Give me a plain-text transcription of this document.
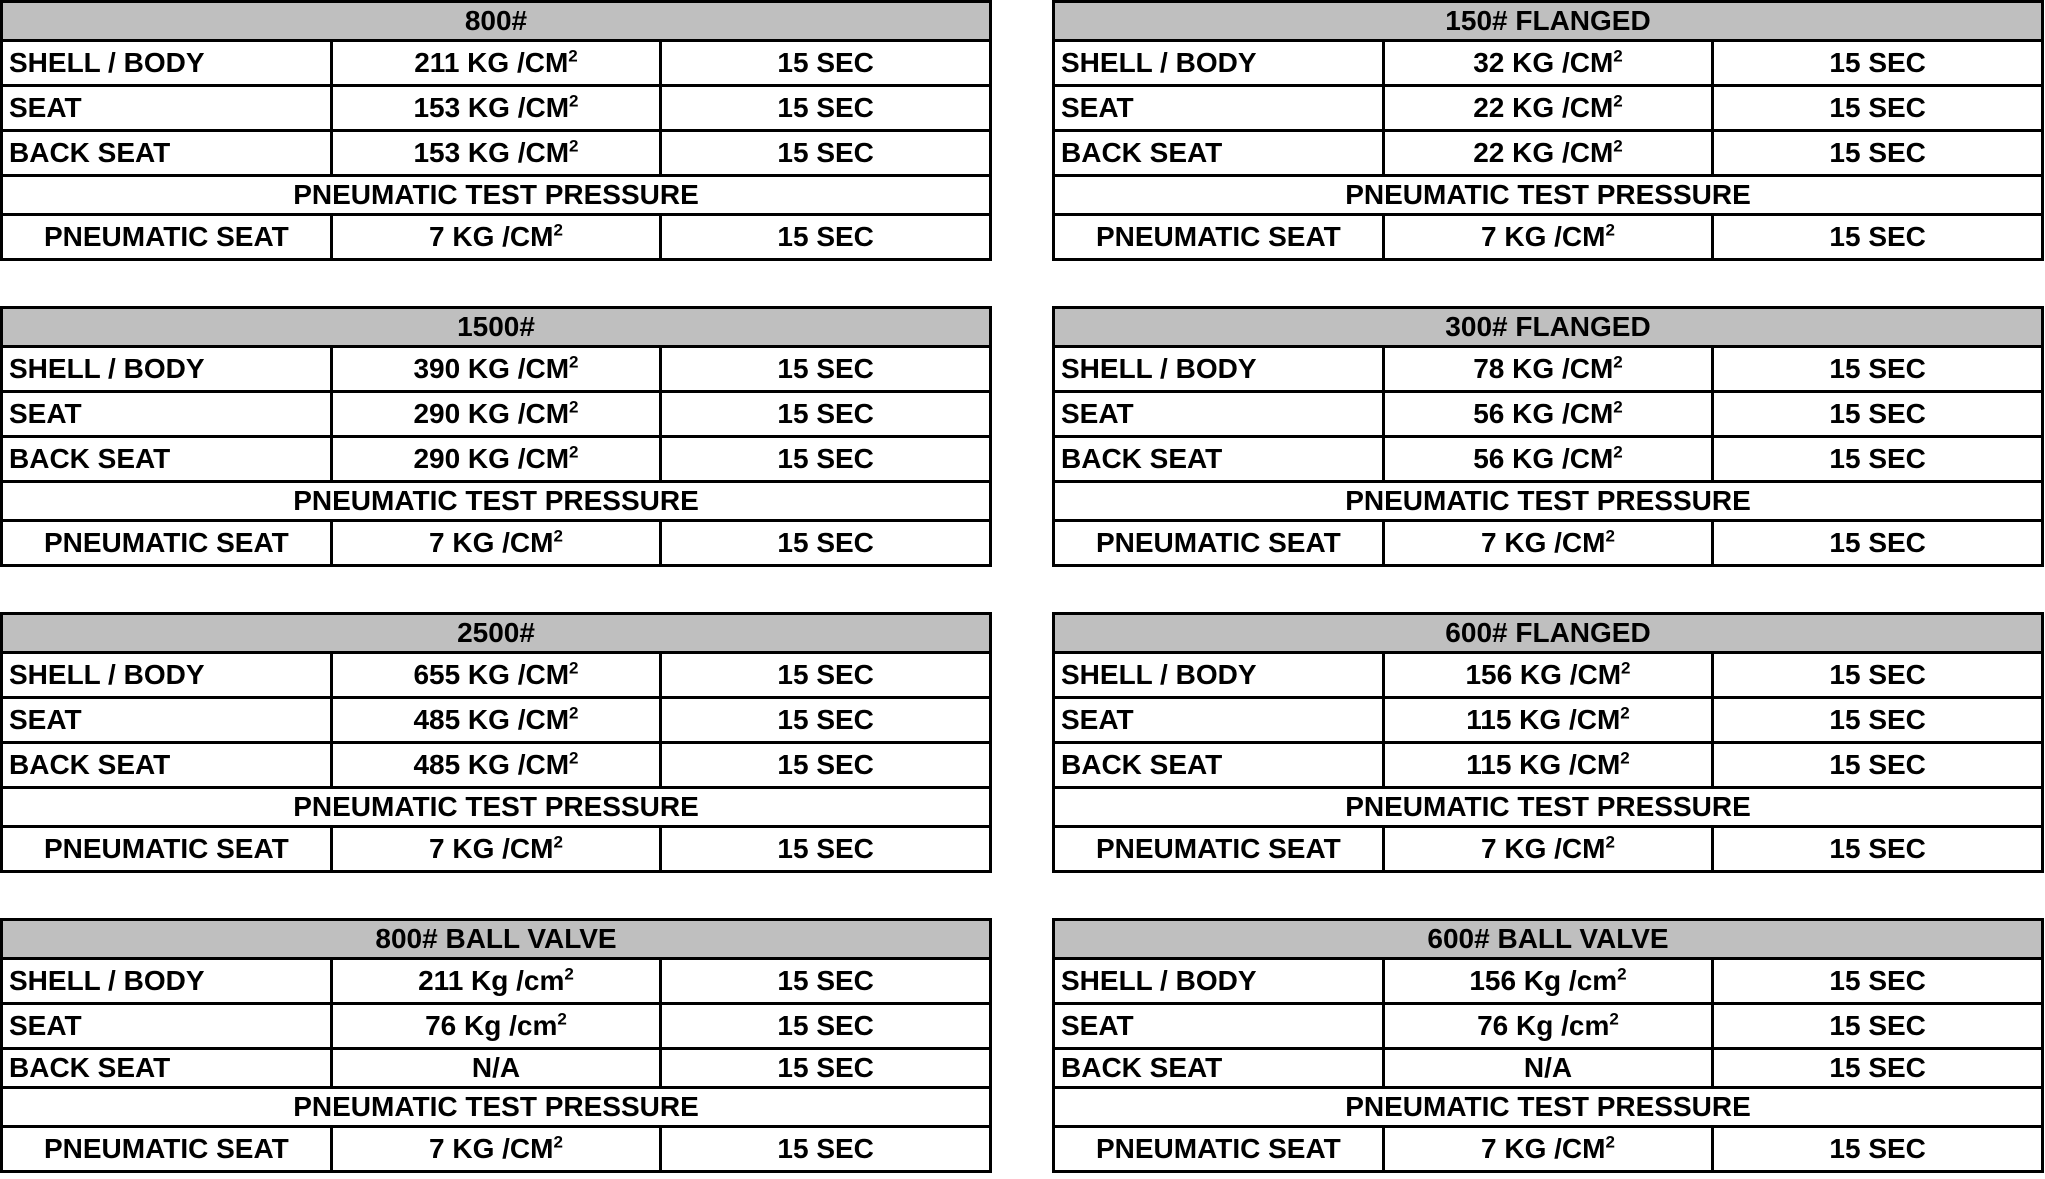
800#		
SHELL / BODY	211 KG $/CM^2$	15 SEC
SEAT	153 KG $/CM^2$	15 SEC
BACK SEAT	153 KG $/CM^2$	15 SEC
PNEUMATIC TEST PRESSURE		
PNEUMATIC SEAT	7 KG $/CM^2$	15 SEC
150# FLANGED		
SHELL / BODY	32 KG $/CM^2$	15 SEC
SEAT	22 KG $/CM^2$	15 SEC
BACK SEAT	22 KG $/CM^2$	15 SEC
PNEUMATIC TEST PRESSURE		
PNEUMATIC SEAT	7 KG $/CM^2$	15 SEC
1500#		
SHELL / BODY	390 KG $/CM^2$	15 SEC
SEAT	290 KG $/CM^2$	15 SEC
BACK SEAT	290 KG $/CM^2$	15 SEC
PNEUMATIC TEST PRESSURE		
PNEUMATIC SEAT	7 KG $/CM^2$	15 SEC
300# FLANGED		
SHELL / BODY	78 KG $/CM^2$	15 SEC
SEAT	56 KG $/CM^2$	15 SEC
BACK SEAT	56 KG $/CM^2$	15 SEC
PNEUMATIC TEST PRESSURE		
PNEUMATIC SEAT	7 KG $/CM^2$	15 SEC
2500#		
SHELL / BODY	655 KG $/CM^2$	15 SEC
SEAT	485 KG $/CM^2$	15 SEC
BACK SEAT	485 KG $/CM^2$	15 SEC
PNEUMATIC TEST PRESSURE		
PNEUMATIC SEAT	7 KG $/CM^2$	15 SEC
600# FLANGED		
SHELL / BODY	156 KG $/CM^2$	15 SEC
SEAT	115 KG $/CM^2$	15 SEC
BACK SEAT	115 KG $/CM^2$	15 SEC
PNEUMATIC TEST PRESSURE		
PNEUMATIC SEAT	7 KG $/CM^2$	15 SEC
800# BALL VALVE		
SHELL / BODY	211 Kg $/cm^2$	15 SEC
SEAT	76 Kg $/cm^2$	15 SEC
BACK SEAT	N/A	15 SEC
PNEUMATIC TEST PRESSURE		
PNEUMATIC SEAT	7 KG $/CM^2$	15 SEC
600# BALL VALVE		
SHELL / BODY	156 Kg $/cm^2$	15 SEC
SEAT	76 Kg $/cm^2$	15 SEC
BACK SEAT	N/A	15 SEC
PNEUMATIC TEST PRESSURE		
PNEUMATIC SEAT	7 KG $/CM^2$	15 SEC
